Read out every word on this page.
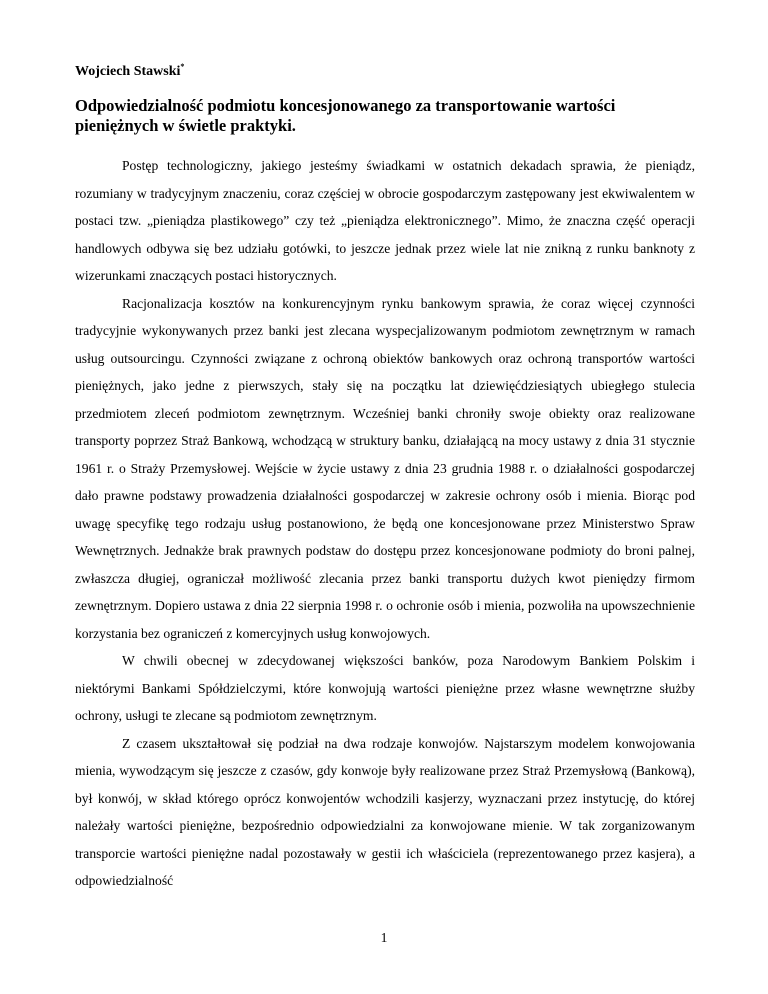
Wojciech Stawski*
Odpowiedzialność podmiotu koncesjonowanego za transportowanie wartości pieniężnych w świetle praktyki.

Postęp technologiczny, jakiego jesteśmy świadkami w ostatnich dekadach sprawia, że pieniądz, rozumiany w tradycyjnym znaczeniu, coraz częściej w obrocie gospodarczym zastępowany jest ekwiwalentem w postaci tzw. „pieniądza plastikowego” czy też „pieniądza elektronicznego”. Mimo, że znaczna część operacji handlowych odbywa się bez udziału gotówki, to jeszcze jednak przez wiele lat nie znikną z runku banknoty z wizerunkami znaczących postaci historycznych.

Racjonalizacja kosztów na konkurencyjnym rynku bankowym sprawia, że coraz więcej czynności tradycyjnie wykonywanych przez banki jest zlecana wyspecjalizowanym podmiotom zewnętrznym w ramach usług outsourcingu. Czynności związane z ochroną obiektów bankowych oraz ochroną transportów wartości pieniężnych, jako jedne z pierwszych, stały się na początku lat dziewięćdziesiątych ubiegłego stulecia przedmiotem zleceń podmiotom zewnętrznym. Wcześniej banki chroniły swoje obiekty oraz realizowane transporty poprzez Straż Bankową, wchodzącą w struktury banku, działającą na mocy ustawy z dnia 31 stycznie 1961 r. o Straży Przemysłowej. Wejście w życie ustawy z dnia 23 grudnia 1988 r. o działalności gospodarczej dało prawne podstawy prowadzenia działalności gospodarczej w zakresie ochrony osób i mienia. Biorąc pod uwagę specyfikę tego rodzaju usług postanowiono, że będą one koncesjonowane przez Ministerstwo Spraw Wewnętrznych. Jednakże brak prawnych podstaw do dostępu przez koncesjonowane podmioty do broni palnej, zwłaszcza długiej, ograniczał możliwość zlecania przez banki transportu dużych kwot pieniędzy firmom zewnętrznym. Dopiero ustawa z dnia 22 sierpnia 1998 r. o ochronie osób i mienia, pozwoliła na upowszechnienie korzystania bez ograniczeń z komercyjnych usług konwojowych.

W chwili obecnej w zdecydowanej większości banków, poza Narodowym Bankiem Polskim i niektórymi Bankami Spółdzielczymi, które konwojują wartości pieniężne przez własne wewnętrzne służby ochrony, usługi te zlecane są podmiotom zewnętrznym.

Z czasem ukształtował się podział na dwa rodzaje konwojów. Najstarszym modelem konwojowania mienia, wywodzącym się jeszcze z czasów, gdy konwoje były realizowane przez Straż Przemysłową (Bankową), był konwój, w skład którego oprócz konwojentów wchodzili kasjerzy, wyznaczani przez instytucję, do której należały wartości pieniężne, bezpośrednio odpowiedzialni za konwojowane mienie. W tak zorganizowanym transporcie wartości pieniężne nadal pozostawały w gestii ich właściciela (reprezentowanego przez kasjera), a odpowiedzialność

1
